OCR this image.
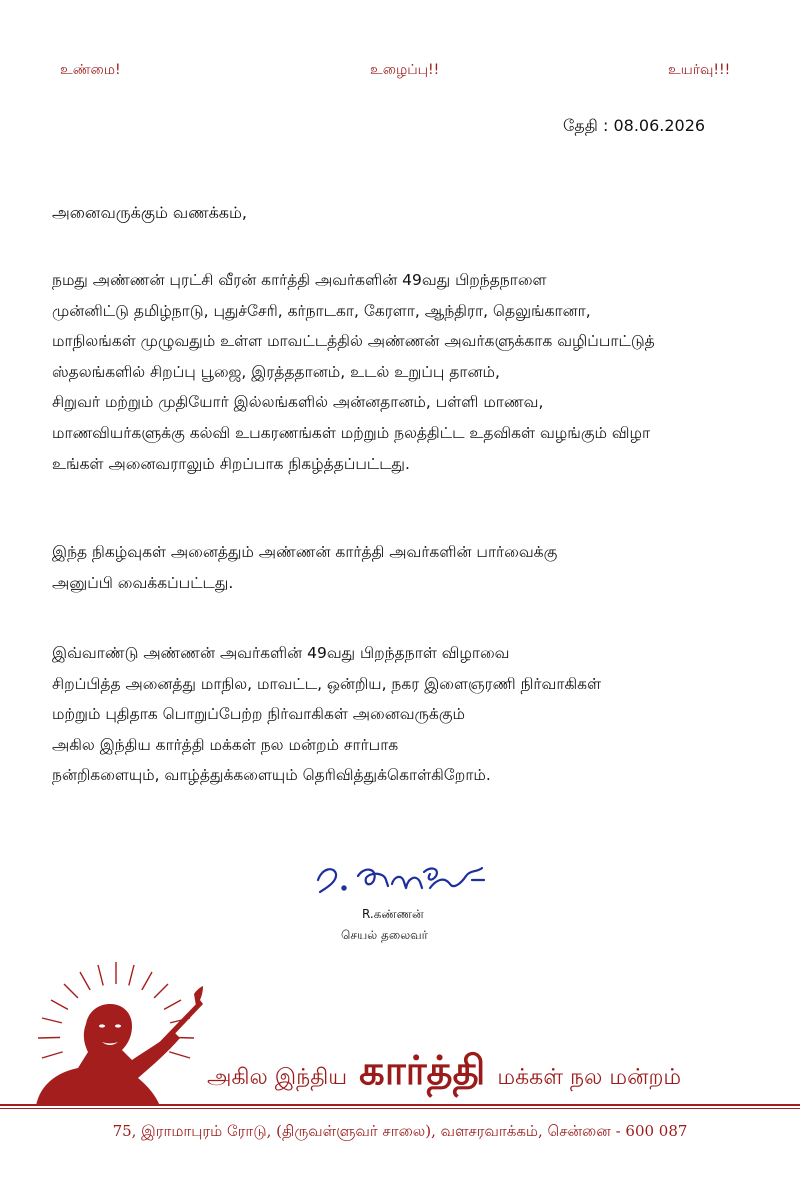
உண்மை!	உழைப்பு!!	உயர்வு!!!
தேதி : 08.06.2026
அனைவருக்கும் வணக்கம்,
நமது அண்ணன் புரட்சி வீரன் கார்த்தி அவர்களின் 49வது பிறந்தநாளை
முன்னிட்டு தமிழ்நாடு, புதுச்சேரி, கர்நாடகா, கேரளா, ஆந்திரா, தெலுங்கானா,
மாநிலங்கள் முழுவதும் உள்ள மாவட்டத்தில் அண்ணன் அவர்களுக்காக வழிப்பாட்டுத்
ஸ்தலங்களில் சிறப்பு பூஜை, இரத்ததானம், உடல் உறுப்பு தானம்,
சிறுவர் மற்றும் முதியோர் இல்லங்களில் அன்னதானம், பள்ளி மாணவ,
மாணவியர்களுக்கு கல்வி உபகரணங்கள் மற்றும் நலத்திட்ட உதவிகள் வழங்கும் விழா
உங்கள் அனைவராலும் சிறப்பாக நிகழ்த்தப்பட்டது.
இந்த நிகழ்வுகள் அனைத்தும் அண்ணன் கார்த்தி அவர்களின் பார்வைக்கு
அனுப்பி வைக்கப்பட்டது.
இவ்வாண்டு அண்ணன் அவர்களின் 49வது பிறந்தநாள் விழாவை
சிறப்பித்த அனைத்து மாநில, மாவட்ட, ஒன்றிய, நகர இளைஞரணி நிர்வாகிகள்
மற்றும் புதிதாக பொறுப்பேற்ற நிர்வாகிகள் அனைவருக்கும்
அகில இந்திய கார்த்தி மக்கள் நல மன்றம் சார்பாக
நன்றிகளையும், வாழ்த்துக்களையும் தெரிவித்துக்கொள்கிறோம்.
R.கண்ணன்
செயல் தலைவர்
அகில இந்திய கார்த்தி மக்கள் நல மன்றம்
75, இராமாபுரம் ரோடு, (திருவள்ளுவர் சாலை), வளசரவாக்கம், சென்னை - 600 087
